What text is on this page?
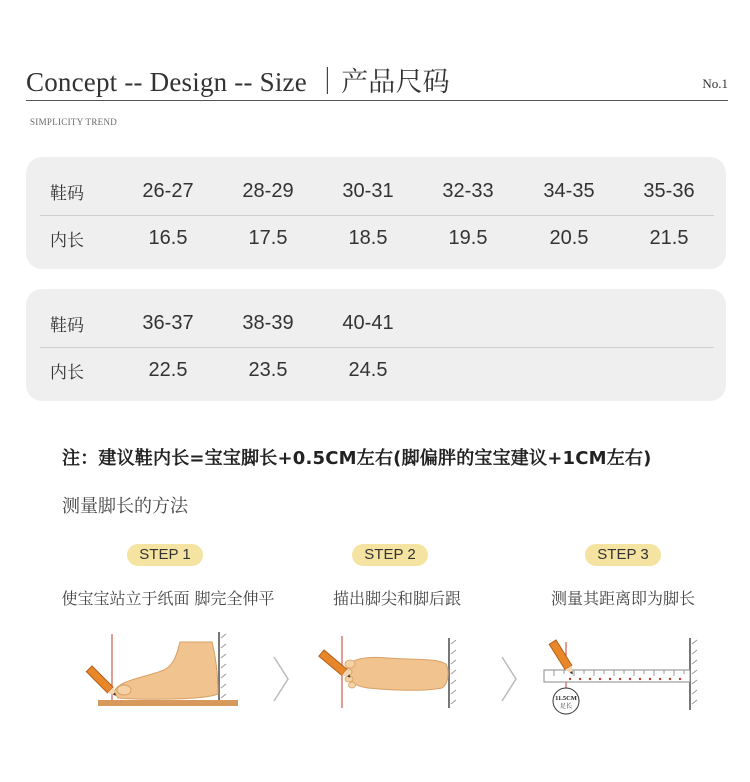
Concept -- Design -- Size ｜产品尺码	No.1
SIMPLICITY TREND
鞋码	26-27	28-29	30-31	32-33	34-35	35-36
内长	16.5	17.5	18.5	19.5	20.5	21.5
鞋码	36-37	38-39	40-41
内长	22.5	23.5	24.5
注：建议鞋内长=宝宝脚长+0.5CM左右(脚偏胖的宝宝建议+1CM左右)
测量脚长的方法
STEP 1	STEP 2	STEP 3
使宝宝站立于纸面 脚完全伸平	描出脚尖和脚后跟	测量其距离即为脚长
11.5CM
足长
